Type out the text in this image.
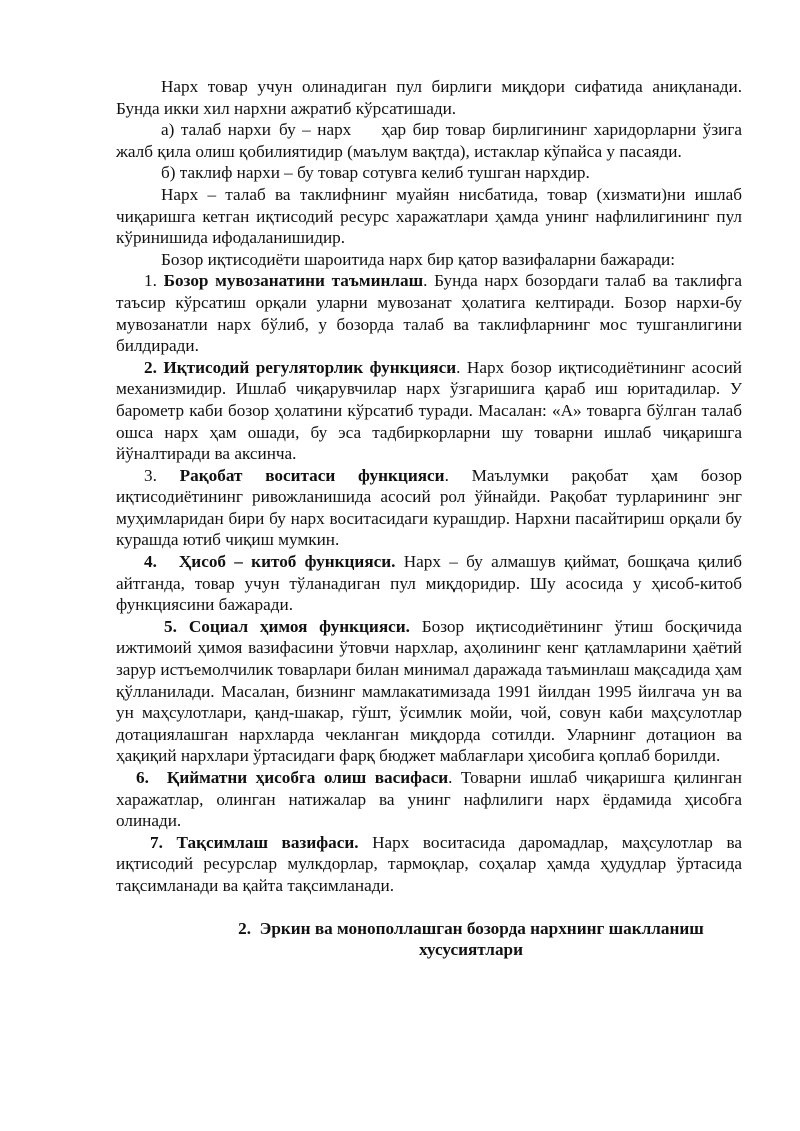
Нарх товар учун олинадиган пул бирлиги миқдори сифатида аниқланади. Бунда икки хил нархни ажратиб кўрсатишади.

а) талаб нархи бу – нарх ҳар бир товар бирлигининг харидорларни ўзига жалб қила олиш қобилиятидир (маълум вақтда), истаклар кўпайса у пасаяди.

б) таклиф нархи – бу товар сотувга келиб тушган нархдир.

Нарх – талаб ва таклифнинг муайян нисбатида, товар (хизмати)ни ишлаб чиқаришга кетган иқтисодий ресурс харажатлари ҳамда унинг нафлилигининг пул кўринишида ифодаланишидир.

Бозор иқтисодиёти шароитида нарх бир қатор вазифаларни бажаради:

1. Бозор мувозанатини таъминлаш. Бунда нарх бозордаги талаб ва таклифга таъсир кўрсатиш орқали уларни мувозанат ҳолатига келтиради. Бозор нархи-бу мувозанатли нарх бўлиб, у бозорда талаб ва таклифларнинг мос тушганлигини билдиради.

2. Иқтисодий регуляторлик функцияси. Нарх бозор иқтисодиётининг асосий механизмидир. Ишлаб чиқарувчилар нарх ўзгаришига қараб иш юритадилар. У барометр каби бозор ҳолатини кўрсатиб туради. Масалан: «А» товарга бўлган талаб ошса нарх ҳам ошади, бу эса тадбиркорларни шу товарни ишлаб чиқаришга йўналтиради ва аксинча.

3. Рақобат воситаси функцияси. Маълумки рақобат ҳам бозор иқтисодиётининг ривожланишида асосий рол ўйнайди. Рақобат турларининг энг муҳимларидан бири бу нарх воситасидаги курашдир. Нархни пасайтириш орқали бу курашда ютиб чиқиш мумкин.

4. Ҳисоб – китоб функцияси. Нарх – бу алмашув қиймат, бошқача қилиб айтганда, товар учун тўланадиган пул миқдоридир. Шу асосида у ҳисоб-китоб функциясини бажаради.

5. Социал ҳимоя функцияси. Бозор иқтисодиётининг ўтиш босқичида ижтимоий ҳимоя вазифасини ўтовчи нархлар, аҳолининг кенг қатламларини ҳаётий зарур истъемолчилик товарлари билан минимал даражада таъминлаш мақсадида ҳам қўлланилади. Масалан, бизнинг мамлакатимизада 1991 йилдан 1995 йилгача ун ва ун маҳсулотлари, қанд-шакар, гўшт, ўсимлик мойи, чой, совун каби маҳсулотлар дотациялашган нархларда чекланган миқдорда сотилди. Уларнинг дотацион ва ҳақиқий нархлари ўртасидаги фарқ бюджет маблағлари ҳисобига қоплаб борилди.

6. Қийматни ҳисобга олиш васифаси. Товарни ишлаб чиқаришга қилинган харажатлар, олинган натижалар ва унинг нафлилиги нарх ёрдамида ҳисобга олинади.

7. Тақсимлаш вазифаси. Нарх воситасида даромадлар, маҳсулотлар ва иқтисодий ресурслар мулкдорлар, тармоқлар, соҳалар ҳамда ҳудудлар ўртасида тақсимланади ва қайта тақсимланади.

2. Эркин ва монополлашган бозорда нархнинг шаклланиш
хусусиятлари
